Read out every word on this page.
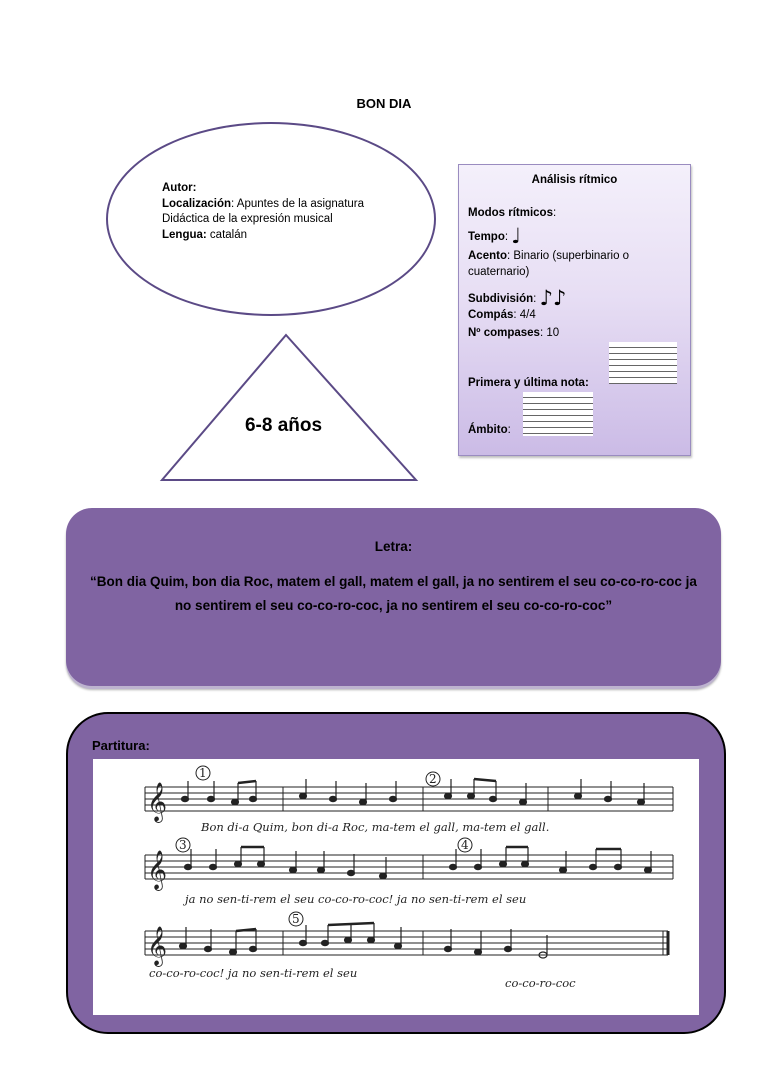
BON DIA
Autor:
Localización: Apuntes de la asignatura Didáctica de la expresión musical
Lengua: catalán
6-8 años
Análisis rítmico
Modos rítmicos:
Tempo: ♩
Acento: Binario (superbinario o cuaternario)
Subdivisión: ♪♪
Compás: 4/4
Nº compases: 10
Primera y última nota:
Ámbito:
Letra:
“Bon dia Quim, bon dia Roc, matem el gall, matem el gall, ja no sentirem el seu co-co-ro-coc ja no sentirem el seu co-co-ro-coc, ja no sentirem el seu co-co-ro-coc”
Partitura:
𝄞
𝄞
𝄞
1	2
3	4
5
Bon di-a Quim, bon di-a Roc, ma-tem el gall, ma-tem el gall.
ja no sen-ti-rem el seu co-co-ro-coc! ja no sen-ti-rem el seu
co-co-ro-coc! ja no sen-ti-rem el seu
co-co-ro-coc
